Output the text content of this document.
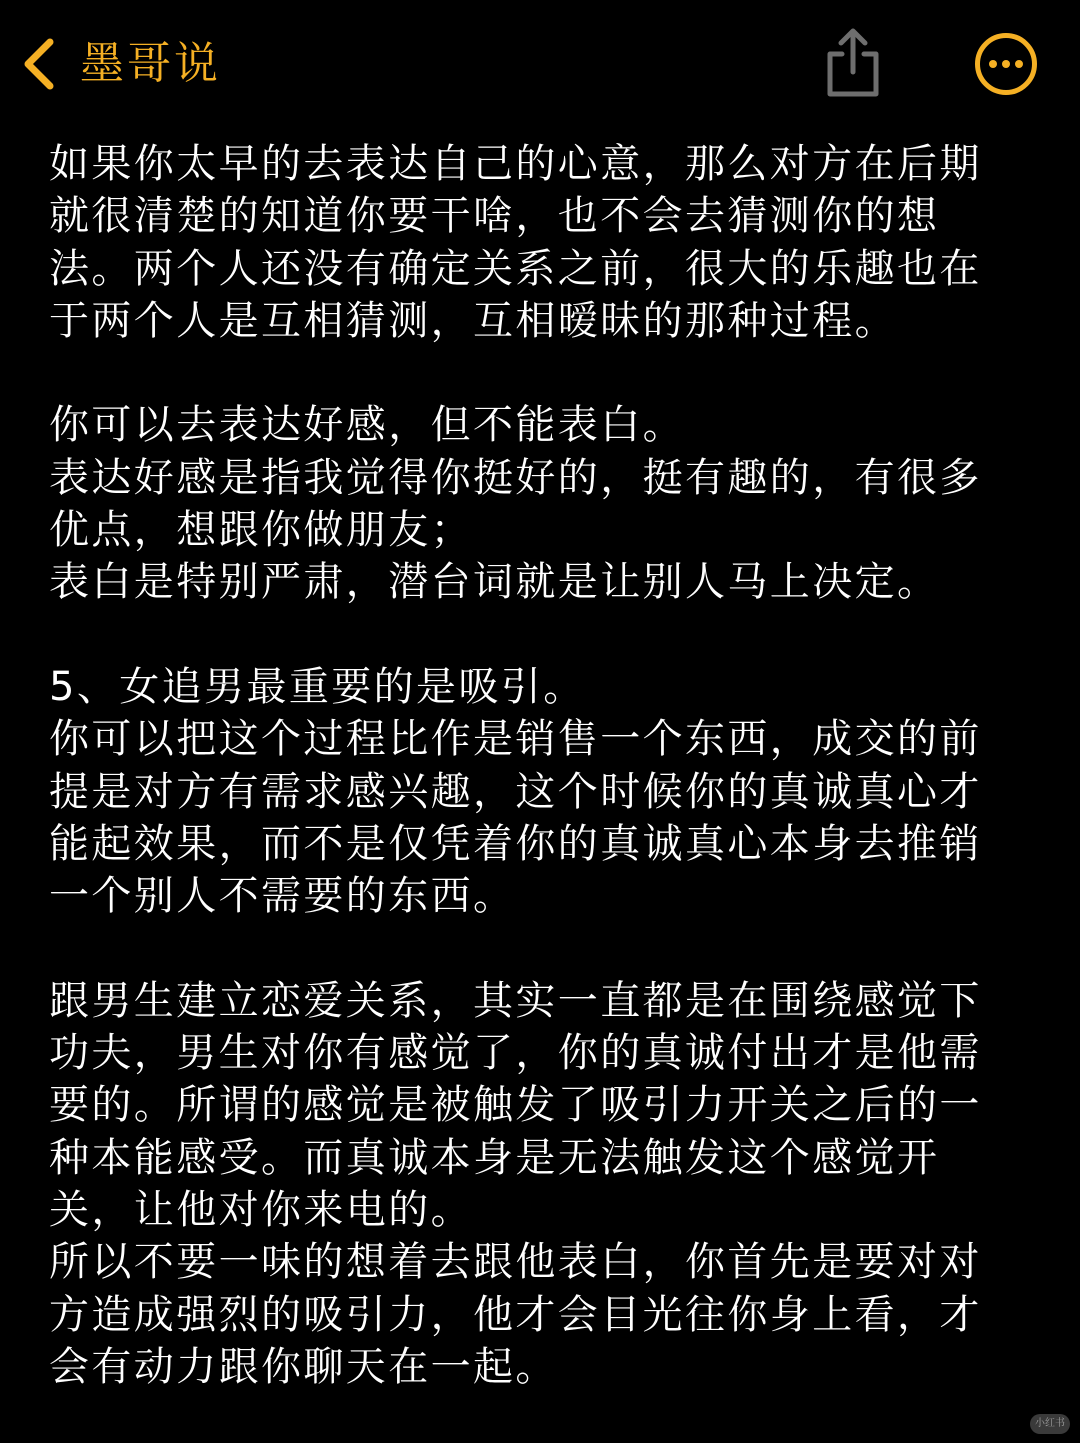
墨哥说
如果你太早的去表达自己的心意，那么对方在后期
就很清楚的知道你要干啥，也不会去猜测你的想
法。两个人还没有确定关系之前，很大的乐趣也在
于两个人是互相猜测，互相暧昧的那种过程。
你可以去表达好感，但不能表白。
表达好感是指我觉得你挺好的，挺有趣的，有很多
优点，想跟你做朋友；
表白是特别严肃，潜台词就是让别人马上决定。
5、女追男最重要的是吸引。
你可以把这个过程比作是销售一个东西，成交的前
提是对方有需求感兴趣，这个时候你的真诚真心才
能起效果，而不是仅凭着你的真诚真心本身去推销
一个别人不需要的东西。
跟男生建立恋爱关系，其实一直都是在围绕感觉下
功夫，男生对你有感觉了，你的真诚付出才是他需
要的。所谓的感觉是被触发了吸引力开关之后的一
种本能感受。而真诚本身是无法触发这个感觉开
关，让他对你来电的。
所以不要一味的想着去跟他表白，你首先是要对对
方造成强烈的吸引力，他才会目光往你身上看，才
会有动力跟你聊天在一起。
小红书
